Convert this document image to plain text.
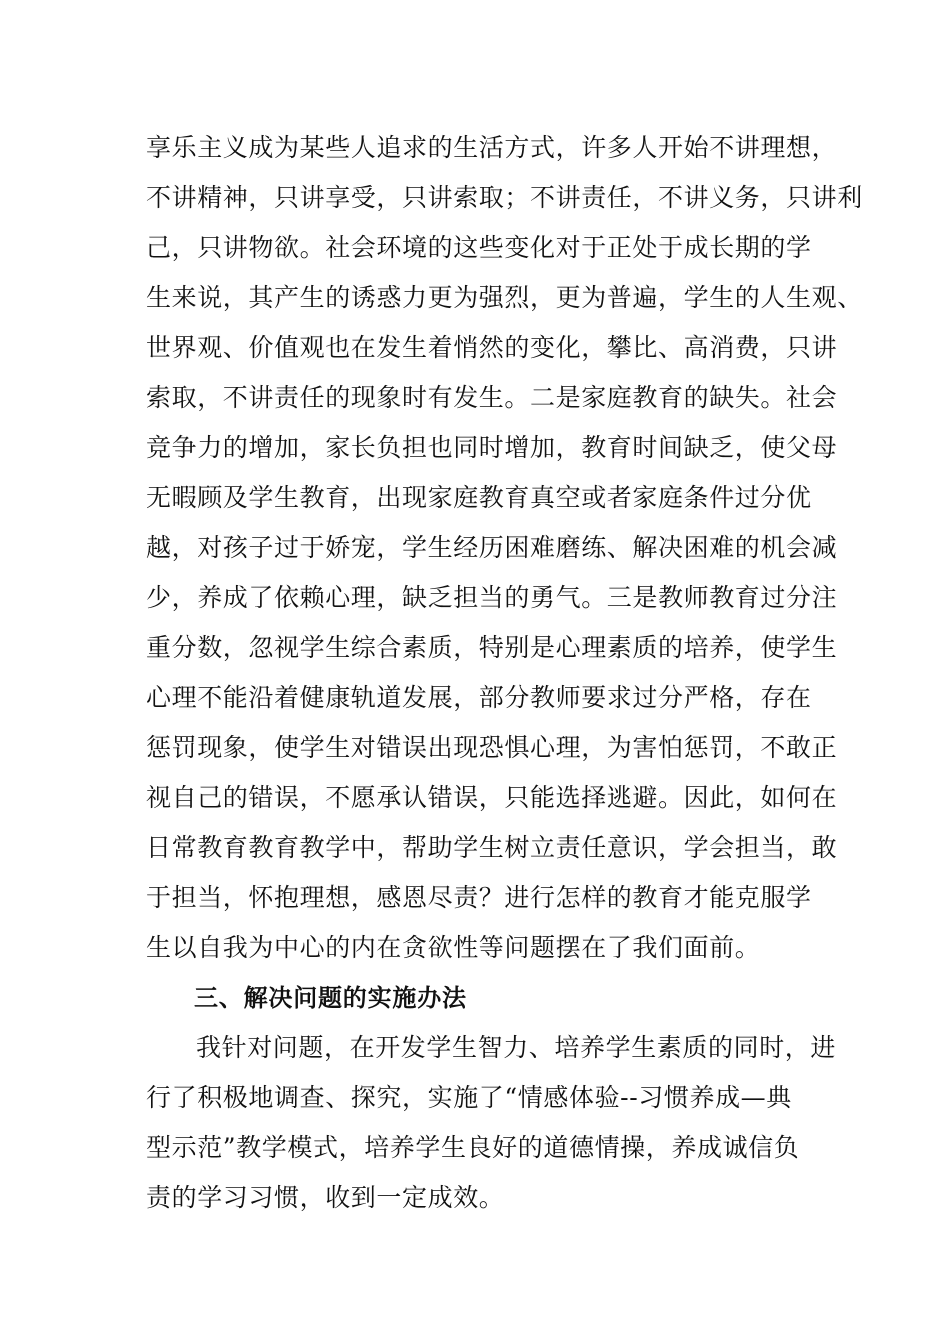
享乐主义成为某些人追求的生活方式，许多人开始不讲理想，
不讲精神，只讲享受，只讲索取；不讲责任，不讲义务，只讲利
己，只讲物欲。社会环境的这些变化对于正处于成长期的学
生来说，其产生的诱惑力更为强烈，更为普遍，学生的人生观、
世界观、价值观也在发生着悄然的变化，攀比、高消费，只讲
索取，不讲责任的现象时有发生。二是家庭教育的缺失。社会
竞争力的增加，家长负担也同时增加，教育时间缺乏，使父母
无暇顾及学生教育，出现家庭教育真空或者家庭条件过分优
越，对孩子过于娇宠，学生经历困难磨练、解决困难的机会减
少，养成了依赖心理，缺乏担当的勇气。三是教师教育过分注
重分数，忽视学生综合素质，特别是心理素质的培养，使学生
心理不能沿着健康轨道发展，部分教师要求过分严格，存在
惩罚现象，使学生对错误出现恐惧心理，为害怕惩罚，不敢正
视自己的错误，不愿承认错误，只能选择逃避。因此，如何在
日常教育教育教学中，帮助学生树立责任意识，学会担当，敢
于担当，怀抱理想，感恩尽责？进行怎样的教育才能克服学
生以自我为中心的内在贪欲性等问题摆在了我们面前。
三、解决问题的实施办法
我针对问题，在开发学生智力、培养学生素质的同时，进
行了积极地调查、探究，实施了“情感体验--习惯养成—典
型示范”教学模式，培养学生良好的道德情操，养成诚信负
责的学习习惯，收到一定成效。
